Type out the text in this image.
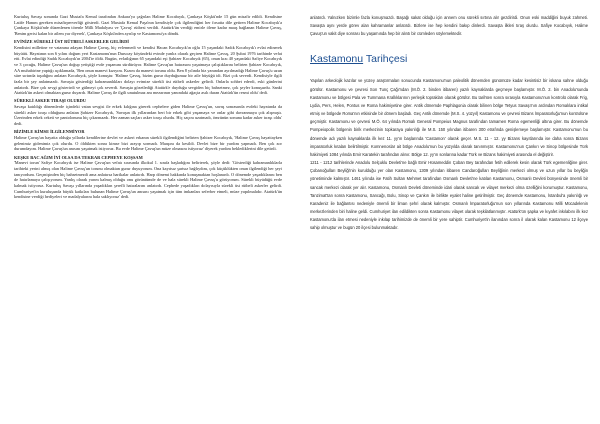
Kurtuluş Savaşı sonunda Gazi Mustafa Kemal tarafından Ankara'ya çağrılan Halime Kocabıyık, Çankaya Köşkü'nde 15 gün misafir edildi. Kendisine Latife Hanım gereken misafirperverliği gösterdi. Gazi Mustafa Kemal Paşa'nın kendisiyle çok ilgilendiğini her fırsatta dile getiren Halime Kocabıyık'a Çankaya Köşkü'nde düzenlenen törenle Milli Madalyası ve 'Çavuş' rütbesi verildi. Atatürk'ün verdiği emirle ölene kadar maaş bağlanan Halime Çavuş, 'Benim gerisi kalan bir ailem yar diyerek', Çankaya Köşkü'nden ayrılıp ve Kastamonu'ya döndü.

EVİNİZE SÜREKLİ ÜST RÜTBELİ ASKERLER GELİRDİ

Kendisini milletine ve vatanına adayan Halime Çavuş, hiç evlenmedi ve kendisi Hacan Kocabıyık'ın oğlu 15 yaşındaki Sadık Kocabıyık'ı evlat edinerek büyüttü. Hayatının son 6 yılını doğum yeri Kastamonu'nun Durucay köyündeki evinde yanlız olarak geçiren Halime Çavuş, 20 Şubat 1976 tarihinde vefat etti. Evlat edindiği Sadık Kocabıyık'ın 2004'te öldü. Bugün, evlatlığının 65 yaşındaki eşi Şahizer Kocabıyık (65), onun kızı 40 yaşındaki Safiye Kocabıyık ve 3 çocuğu, Halime Çavuş'un doğup yetiştiği evde yaşamını sürdürüyor. Halime Çavuş'un hatırasını yaşatmaya çalıştıklarını belirten Şahizer Kocabıyık, AA muhabirine yaptığı açıklamada, 'Ben onun manevi kızıyım. Kızım da manevi torunu oldu. Ben 8 yılında biz yanından ayrılmadığı Halime Çavuş'u uzun süre sırtında taşıdığını anlatan Kocabıyık, şöyle konuştu: 'Halime Çavuş, bizim gurur duyduğumuz bir aile büyüğü idi. Bizi çok severdi. Kendisiyle ilgili fazla bir şey anlatmazdı. Savaşta gösterdiği kahramanlıkları dolayı evimize sürekli üst rütbeli askerler gelirdi. Onlarla sohbet ederdi, eski günlerini anlatırdı. Bize çok sevgi gösterirdi ve gülmeyi çok severdi. Savaşta gözetlediği Atatürk'e duyduğu sevgiden hiç bahsetmez, çok şeyler konuşurdu. Sanki Atatürk'ün askeri olmaktan gurur duyardı. Halime Çavuş ile ilgili unutulmaz anı mezarının yanındaki ağaçta asılı duran Atatürk'ün resmi oldu' dedi.

SÜREKLİ ASKER TIRAŞI OLURDU

Savaşa katıldığı dönemlerde içindeki vatan sevgisi ile erkek kılığına girerek cephelere giden Halime Çavuş'un, savaş sonrasında evdeki hayatında da sürekli asker tıraşı olduğunu anlatan Şahizer Kocabıyık, 'Savaşın ilk yıllarından beri bir erkek gibi yaşamaya ve onlar gibi davranmaya çok alışmıştı. Üzerinden erkek ceketi ve pantolonunu hiç çıkarmazdı. Her zaman saçları asker tıraşı olurdu. Hiç saçını uzatmadı, ömrünün sonuna kadar asker tıraşı oldu' dedi.

BİZİMLE KİMSE İLGİLENMİYOR

Halime Çavuş'un hayatta olduğu yıllarda kendilerine devlet ve askeri erkanın sürekli ilgilendiğini belirten Şahizer Kocabıyık, 'Halime Çavuş hayattayken gelenimiz gidenimiz çok olurdu. O öldükten sonra kimse bizi arayıp sormadı. Maaşını da kesildi. Devlet bize bir yardım yapmadı. Ben çok zor durumdayım. Halime Çavuş'un anısını yaşatmak istiyoruz. Bu evde Halime Çavuş'un müze olmasını istiyoruz' diyerek yardım beklediklerini dile getirdi.

KEŞKE BAC AĞIM İYİ OLSA DA TEKRAR CEPHEYE KOŞSAM

'Manevi torun' Safiye Kocabıyık ise Halime Çavuş'un vefatı sırasında ilkokul 1. sınıfa başladığını belirterek, şöyle dedi: 'Gösterdiği kahramanlıklarla tarihteki yerini almış olan Halime Çavuş'un torunu olmaktan gurur duyuyorum. Ona kayıtsız şartsız bağlıydım, çok küçüklükten onun ilgilendiği her şeyi tanıyordum. Geçmişinden hiç bahsetmezdi ama anlatırsa harikalar anlatırdı. Harp dönemi hakkında konuşmaktan hoşlanırdı. O dönemde yaşadıklarını ben de hatırlamaya çalışıyorum. Yanlış olarak yarım kalmış olduğu onu görüntümde de ve hala sürekli Halime Çavuş'u görüyorum. Sürekli büyüdüğü evde kalmak istiyoruz. Kurtuluş Savaşı yıllarında yaşadıkları şerefli hatıralarını anlatırdı. Cephede yaşadıkları dolayısıyla sürekli üst rütbeli askerler gelirdi. Cumhuriyet'in kuruluşunda büyük katkıları bulunan Halime Çavuş'un anısını yaşatmak için tüm imkanları seferber etmeli, müze yapılmalıdır. Atatürk'ün kendisine verdiği hediyeleri ve madalyalarını hala saklıyoruz' dedi.

anlatırdı. Yalnızken bizimle fazla konuşmazdı. Başağı sakat olduğu için annem onu sürekli sırtına alır gezdirirdi. Onun eski maddiğini buyuk zahmeti. Savaşta aynı yerde görev alan kahramanlar anlatırdı. Bizlere ise hep kendini bakıp dinlerdi. Savaşta ilkleri tıraş olurdu. Safiye Kocabıyık, Halime Çavuş'un vakit diye sonrası bu yaşamında hep bir alıntı bir cümleden söylemektedir.

Kastamonu Tarihçesi

Yapılan arkeolojik kazılar ve yüzey araştırmaları sonucunda Kastamonu'nun paleolitik dönemden günümüze kadar kesintisiz bir iskana sahne olduğu görülür. Kastamonu ve çevresi Son Tunç Çağı'ndan (M.Ö. 2. binden itibaren) yazılı kaynaklarda geçmeye başlamıştır. M.Ö. 2. bin Anadolu'sunda Kastamonu ve bölgesi Pala ve Tummana Krallıklarının yerleşik toprakları olarak görülür. Bu tarihten sonra sırasıyla Kastamonu'nun kontrolü olarak Frig, Lydia, Pers, Helen, Pontus ve Roma hakimiyetine girer. Antik dönemde Paphlagonia olarak bilinen bölge Tetyus Savaşı'nın ardından Romalılara intikal etmiş ve bölgede Roma'nın etkisinde bir dönem başladı. Geç Antik dönemde (M.S. 4. yüzyıl) Kastamonu ve çevresi Bizans İmparatorluğu'nun kontrolüne geçmiştir. Kastamonu ve çevresi M.Ö. 64 yılında Romalı General Pompeius Magnus tarafından tamamen Roma egemenliği altına girer. Bu dönemde Pompeiopolis bölgenin birik merkezinin topkaraya yakınlığı ile M.S. 150 yılından itibaren 300 etrafında genişlemeye başlamıştır. Kastamonu'nun bu dönemde adı yazılı kaynaklarda ilk kez 11. yy'ın başlarında 'Castamon' olarak geçer. M.S. 11 - 12. yy Bizans kayıtlarında ise daha sonra Bizans imparatorluk kıtaları belirtilmiştir. Komnenoslar ait bölge Anadolu'nun bu yüzyılda olarak tanınmıştır. Kastamonu'nun Çankırı ve Sinop bölgesinde Türk hakimiyeti 1084 yılında Emir Karatekin tarafından alınır. Bölge 12. yy'ın sonlarına kadar Türk ve Bizans hakimiyeti arasında el değiştirir.

1211 - 1212 tarihlerinde Anadolu Selçuklu Devleti'ne bağlı Emir Hüsameddin Çoban Bey tarafından fetih edilerek kesin olarak Türk egemenliğine girer. Çobanoğulları Beyliği'nin kurulduğu yer olan Kastamonu, 1309 yılından itibaren Candaroğulları Beyliğinin merkezi olmuş ve uzun yıllar bu beyliğin yönetiminde kalmıştır. 1461 yılında ise Fatih Sultan Mehmet tarafından Osmanlı Devleti'ne katılan Kastamonu, Osmanlı Devleti bünyesinde önemli bir sancak merkezi olarak yer alır. Kastamonu, Osmanlı Devleti döneminde idari olarak sancak ve vilayet merkezi olma özelliğini korumuştur. Kastamonu, Tanzimat'tan sonra Kastamonu, Sancağı, Bolu, Sinop ve Çankırı ile birlikte eyalet haline getirilmiştir. Geç dönemde Kastamonu, İstanbul'a yakınlığı ve Karadeniz ile bağlantısı nedeniyle önemli bir liman şehri olarak kalmıştır. Osmanlı İmparatorluğu'nun son yıllarında Kastamonu Milli Mücadelenin merkezlerinden biri haline geldi. Cumhuriyet ilan edildikten sonra Kastamonu vilayet olarak teşkilatlanmıştır. Atatürk'ün şapka ve kıyafet inkılabını ilk kez Kastamonu'da ilan etmesi nedeniyle inkılap tarihimizde de önemli bir yere sahiptir. Cumhuriyet'in ilanından sonra il olarak kalan Kastamonu 12 ilçeye sahip olmuştur ve bugün 20 ilçesi bulunmaktadır.
